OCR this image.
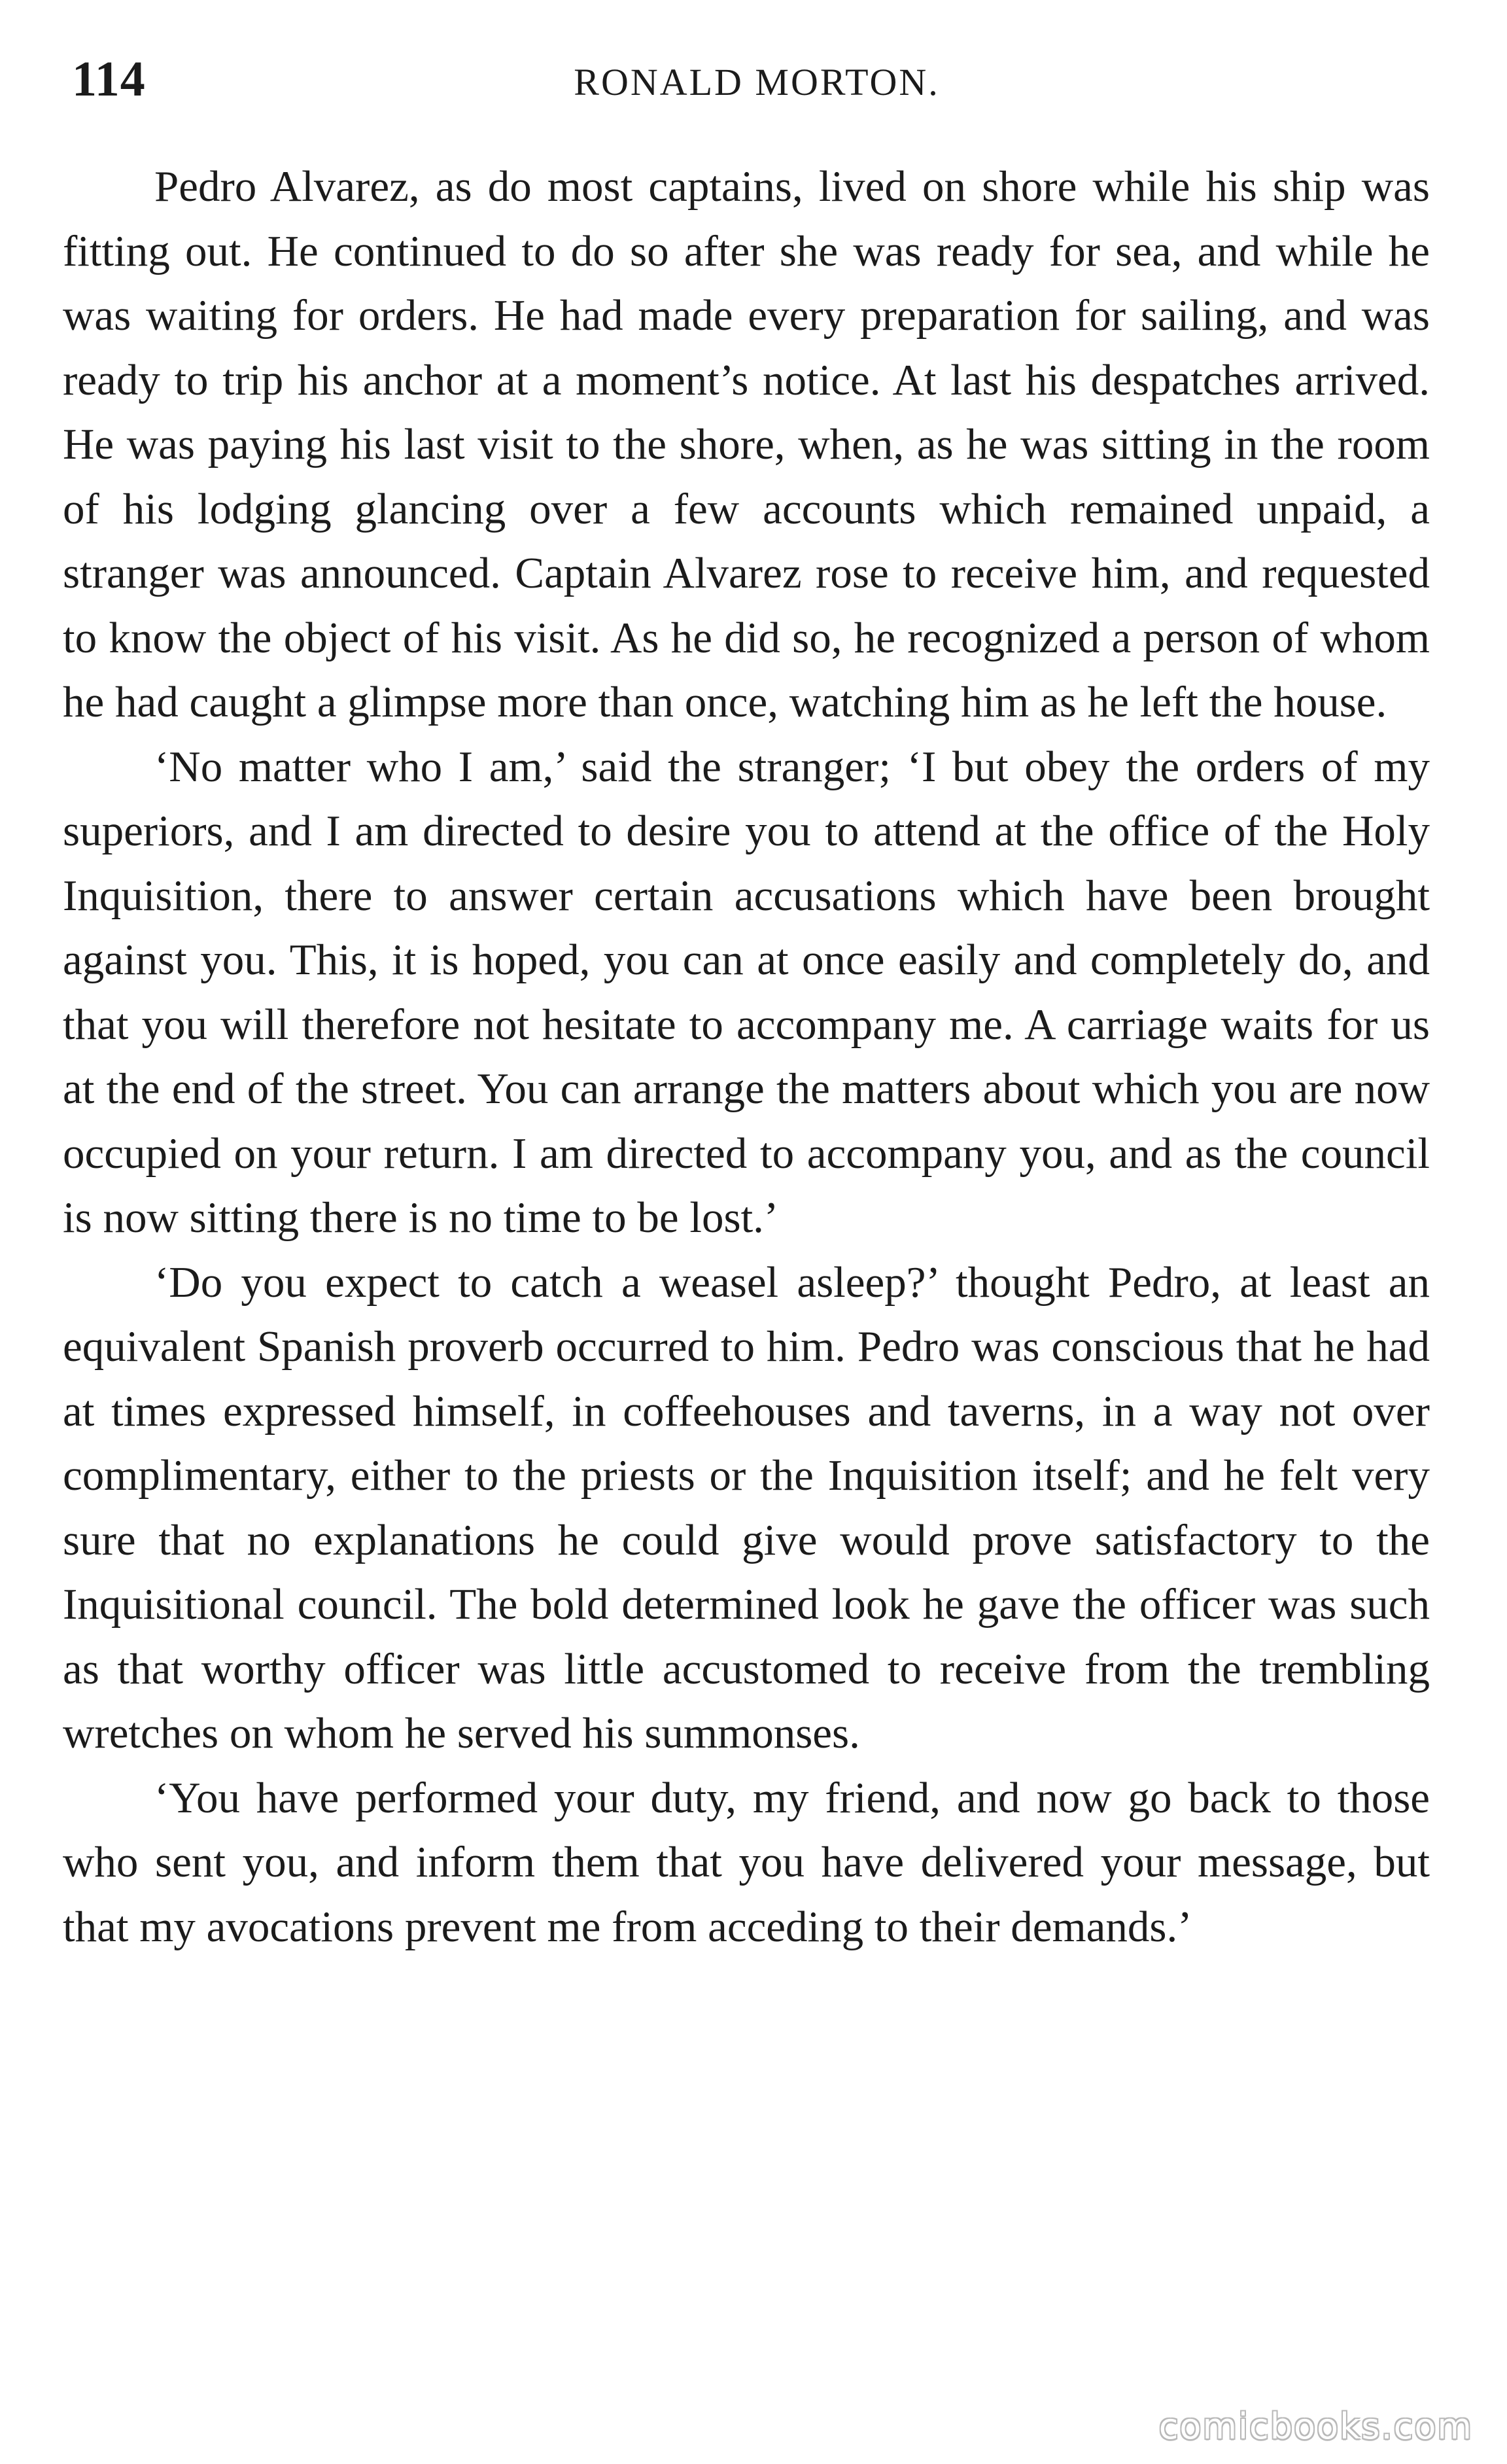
114	RONALD MORTON.

Pedro Alvarez, as do most captains, lived on shore while his ship was fitting out. He continued to do so after she was ready for sea, and while he was waiting for orders. He had made every preparation for sailing, and was ready to trip his anchor at a moment’s notice. At last his despatches arrived. He was paying his last visit to the shore, when, as he was sitting in the room of his lodging glancing over a few accounts which remained unpaid, a stranger was announced. Captain Alvarez rose to receive him, and requested to know the object of his visit. As he did so, he recognized a person of whom he had caught a glimpse more than once, watching him as he left the house.

‘No matter who I am,’ said the stranger; ‘I but obey the orders of my superiors, and I am directed to desire you to attend at the office of the Holy Inquisition, there to answer certain accusations which have been brought against you. This, it is hoped, you can at once easily and completely do, and that you will therefore not hesitate to accompany me. A carriage waits for us at the end of the street. You can arrange the matters about which you are now occupied on your return. I am directed to accompany you, and as the council is now sitting there is no time to be lost.’

‘Do you expect to catch a weasel asleep?’ thought Pedro, at least an equivalent Spanish proverb occurred to him. Pedro was conscious that he had at times expressed himself, in coffeehouses and taverns, in a way not over complimentary, either to the priests or the Inquisition itself; and he felt very sure that no explanations he could give would prove satisfactory to the Inquisitional council. The bold determined look he gave the officer was such as that worthy officer was little accustomed to receive from the trembling wretches on whom he served his summonses.

‘You have performed your duty, my friend, and now go back to those who sent you, and inform them that you have delivered your message, but that my avocations prevent me from acceding to their demands.’

comicbooks.com
